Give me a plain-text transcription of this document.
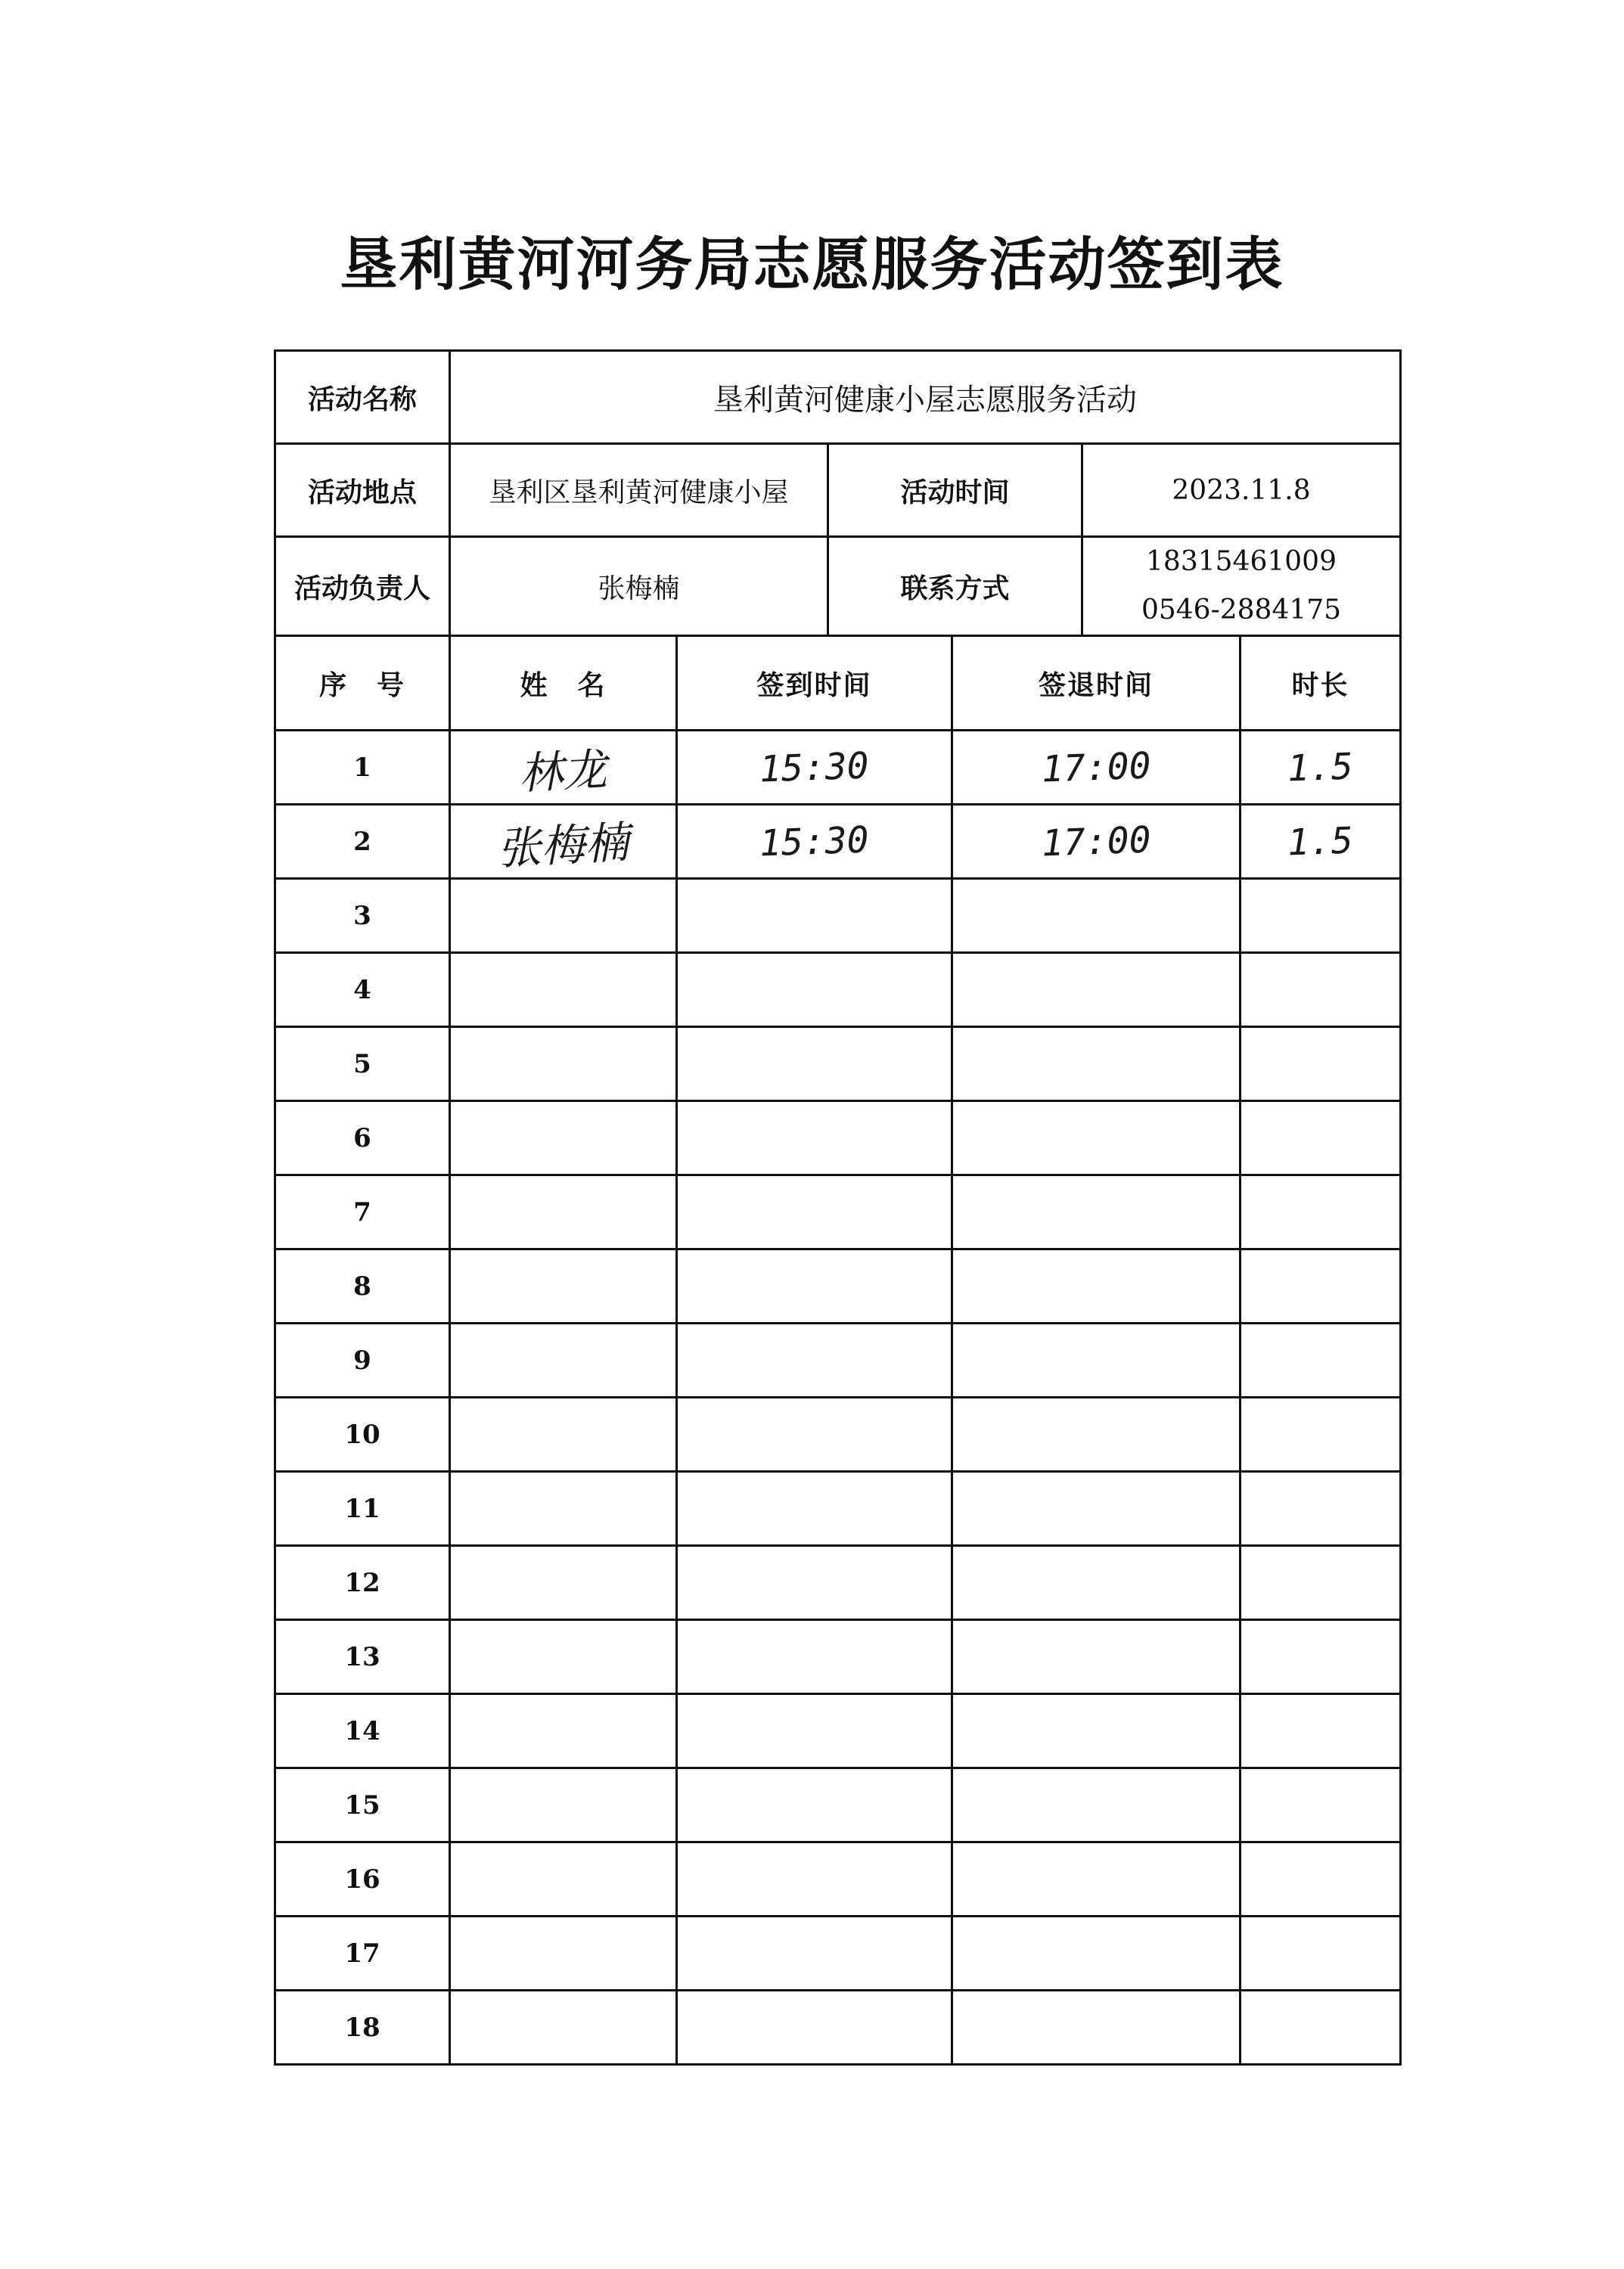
垦利黄河河务局志愿服务活动签到表
活动名称	垦利黄河健康小屋志愿服务活动					
活动地点	垦利区垦利黄河健康小屋		活动时间		2023.11.8	
活动负责人	张梅楠		联系方式		18315461009
0546-2884175	

序　号	姓　名	签到时间		签退时间		时长
1	林龙	15:30		17:00		1.5
2	张梅楠	15:30		17:00		1.5
3						
4						
5						
6						
7						
8						
9						
10						
11						
12						
13						
14						
15						
16						
17						
18						
